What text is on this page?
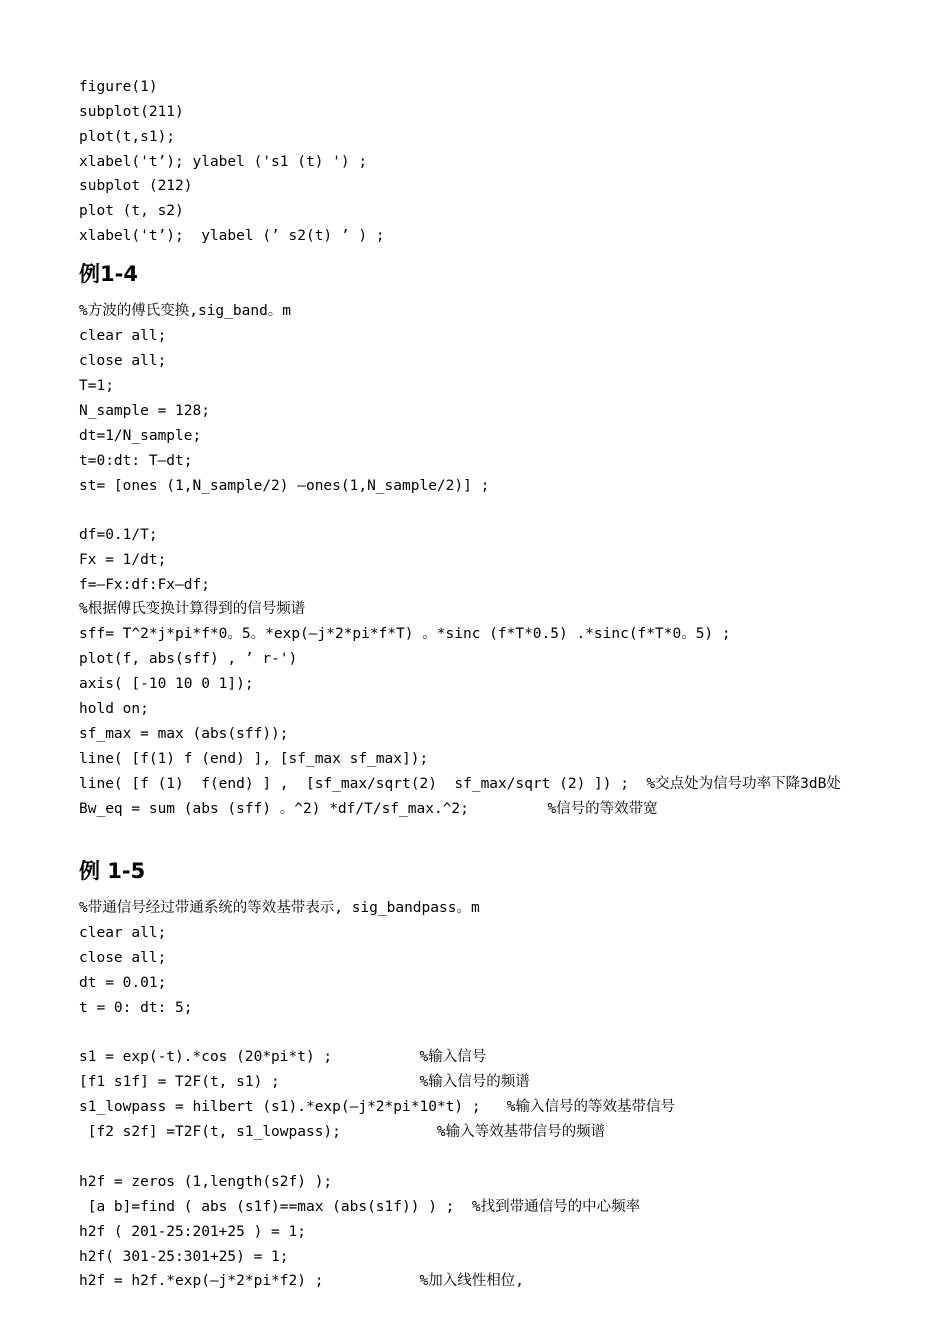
figure(1)
subplot(211)
plot(t,s1);
xlabel('t’); ylabel ('s1 (t) ') ;
subplot (212)
plot (t, s2)
xlabel('t’);  ylabel (’ s2(t) ’ ) ;
例1-4
%方波的傅氏变换,sig_band。m
clear all;
close all;
T=1;
N_sample = 128;
dt=1/N_sample;
t=0:dt: T—dt;
st= [ones (1,N_sample/2) —ones(1,N_sample/2)] ;
df=0.1/T;
Fx = 1/dt;
f=—Fx:df:Fx—df;
%根据傅氏变换计算得到的信号频谱
sff= T^2*j*pi*f*0。5。*exp(—j*2*pi*f*T) 。*sinc (f*T*0.5) .*sinc(f*T*0。5) ;
plot(f, abs(sff) , ’ r-')
axis( [-10 10 0 1]);
hold on;
sf_max = max (abs(sff));
line( [f(1) f (end) ], [sf_max sf_max]);
line( [f (1)  f(end) ] ,  [sf_max/sqrt(2)  sf_max/sqrt (2) ]) ;  %交点处为信号功率下降3dB处
Bw_eq = sum (abs (sff) 。^2) *df/T/sf_max.^2;         %信号的等效带宽
例 1-5
%带通信号经过带通系统的等效基带表示, sig_bandpass。m
clear all;
close all;
dt = 0.01;
t = 0: dt: 5;
s1 = exp(-t).*cos (20*pi*t) ;          %输入信号
[f1 s1f] = T2F(t, s1) ;                %输入信号的频谱
s1_lowpass = hilbert (s1).*exp(—j*2*pi*10*t) ;   %输入信号的等效基带信号
[f2 s2f] =T2F(t, s1_lowpass);           %输入等效基带信号的频谱
h2f = zeros (1,length(s2f) );
[a b]=find ( abs (s1f)==max (abs(s1f)) ) ;  %找到带通信号的中心频率
h2f ( 201-25:201+25 ) = 1;
h2f( 301-25:301+25) = 1;
h2f = h2f.*exp(—j*2*pi*f2) ;           %加入线性相位,
